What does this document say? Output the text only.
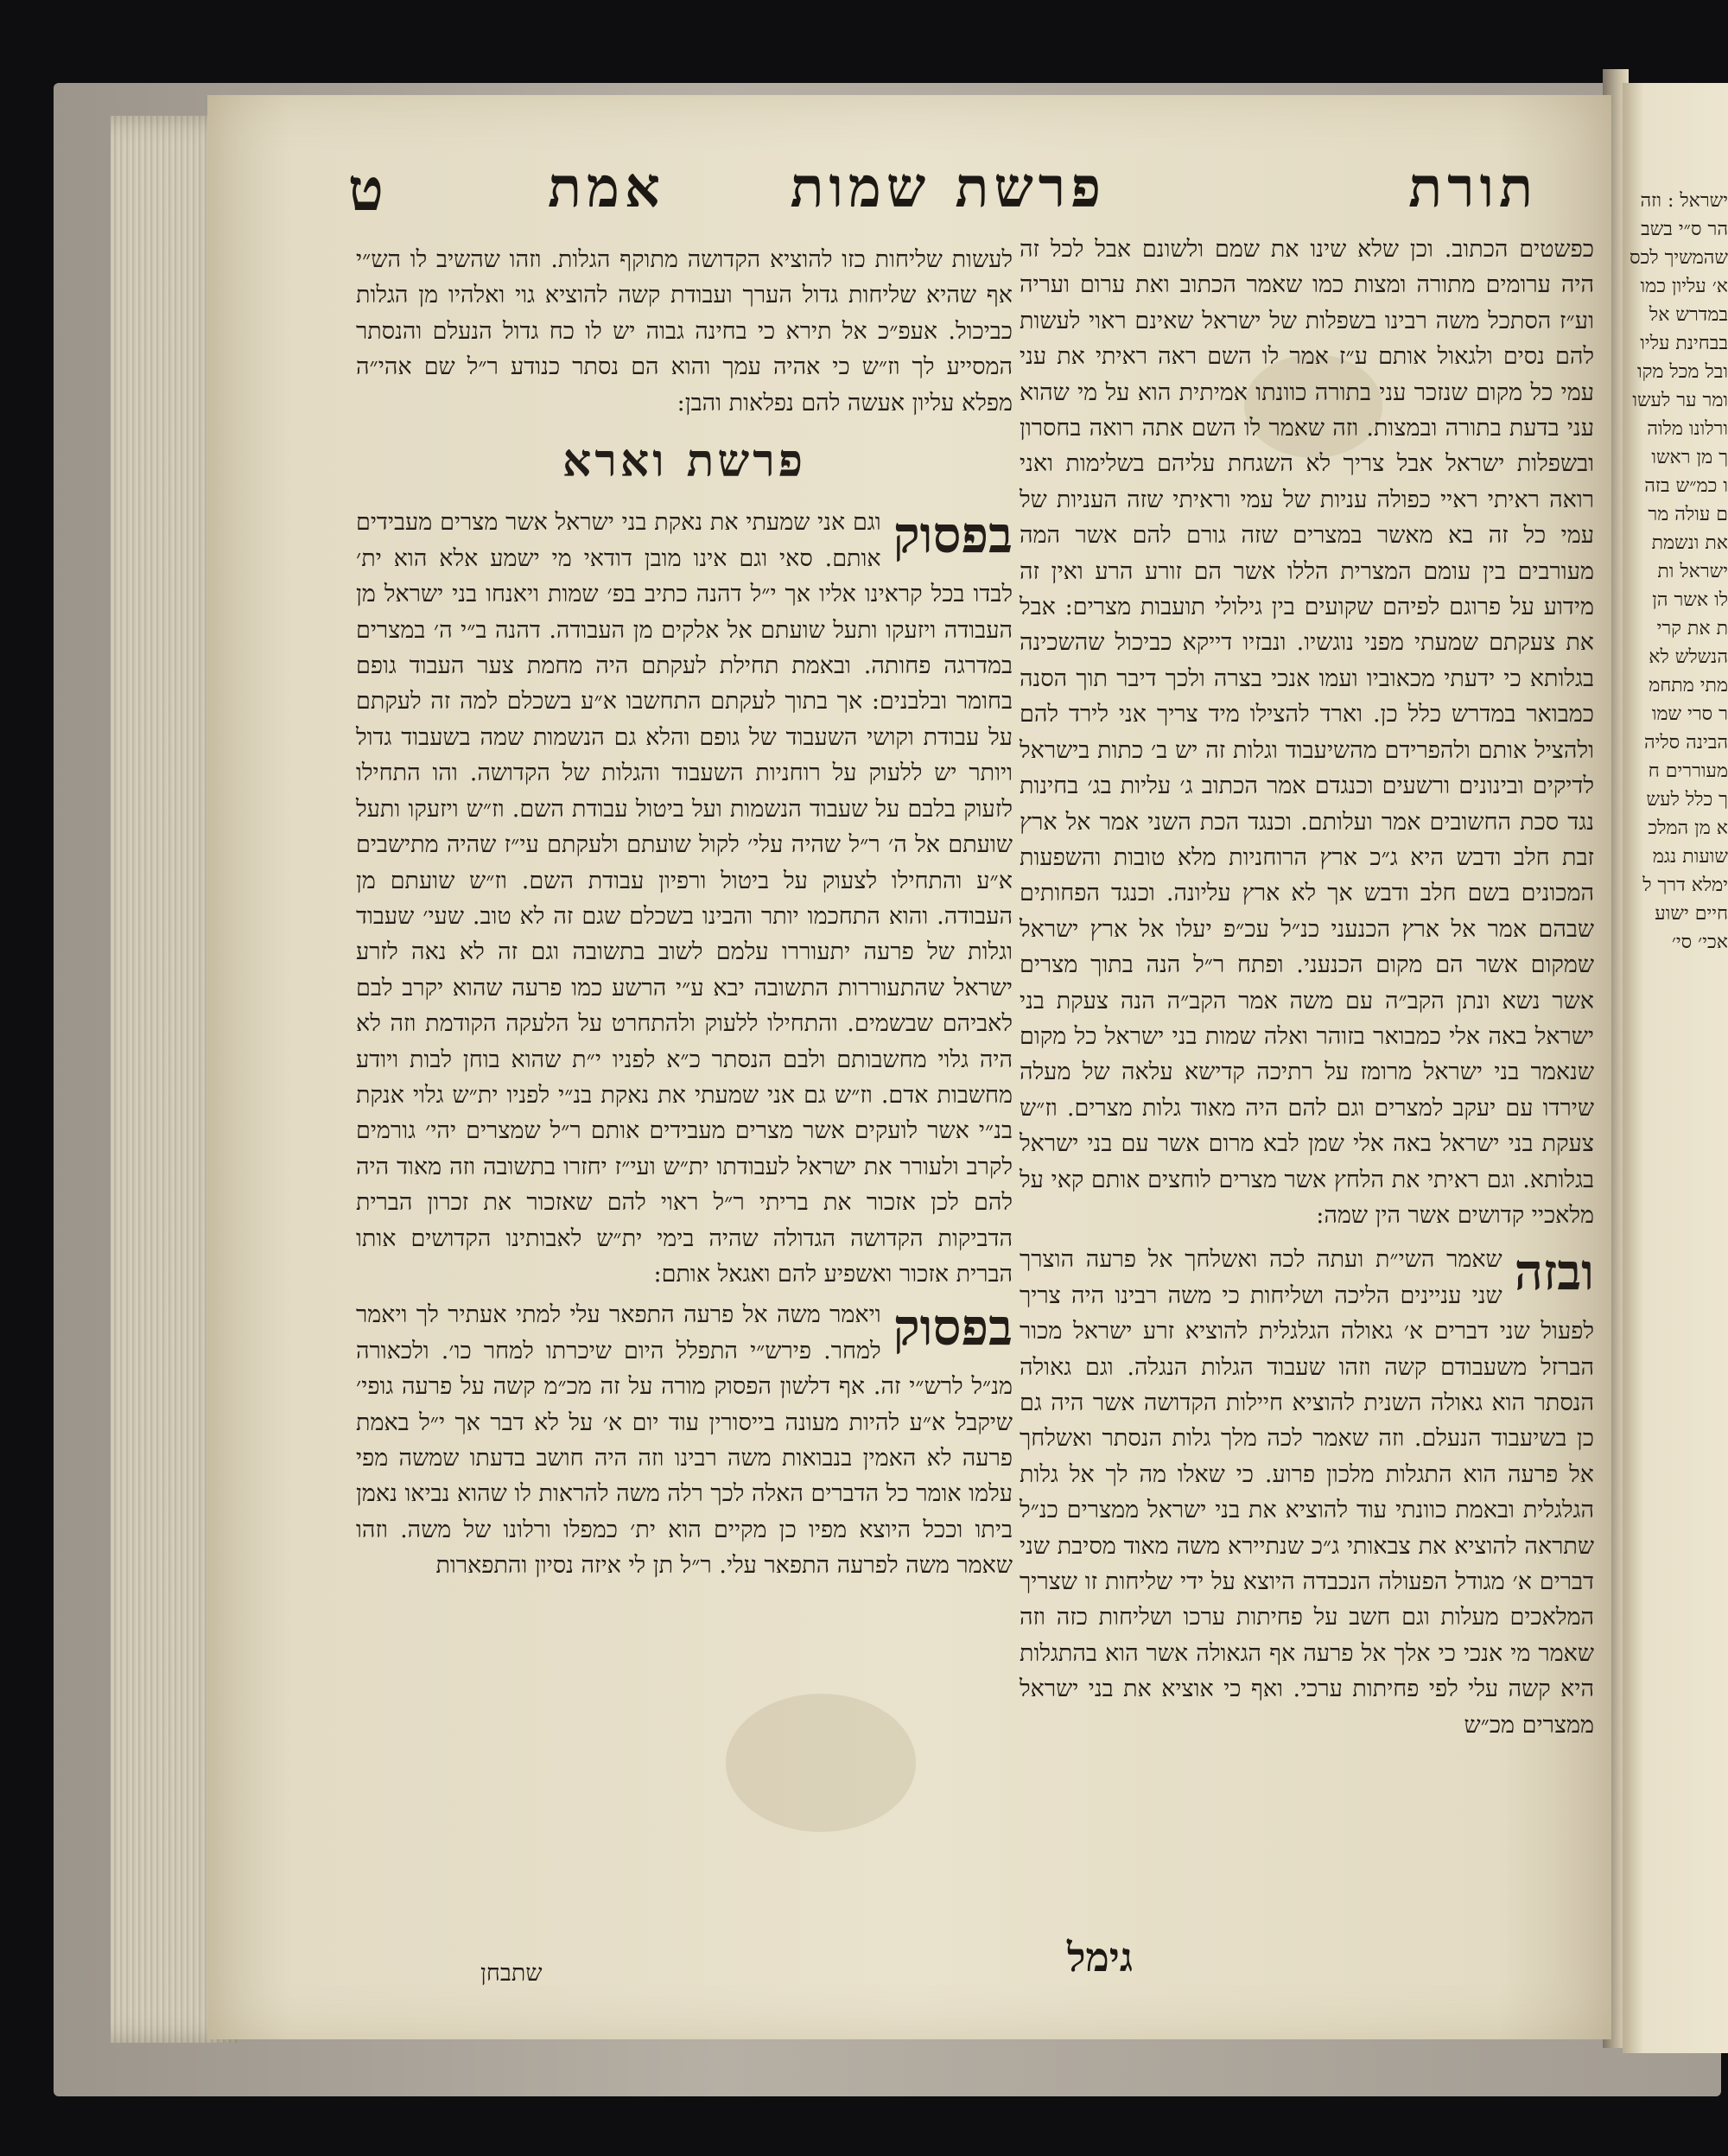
ישראל : וזה
הר ס״י בשב
שהמשיך לכס
א׳ עליון כמו
במדרש אל
בבחינת עליו
ובל מכל מקו
ומר ער לעשו
ורלונו מלוה
ך מן ראשו
ו כמ״ש בזה
ם עולה מר
את ונשמת
ישראל ות
לו אשר הן
ת את קרי
הנשלש לא
מתי מתחמ
ר סרי שמו
הבינה סליה
מעוררים ח
ך כלל לעש
א מן המלכ
שועות נגמ
ימלא דרך ל
חיים ישוע
אכי׳ סי׳
תורת
פרשת שמות
אמת
ט

כפשטים הכתוב. וכן שלא שינו את שמם ולשונם אבל לכל זה היה ערומים מתורה ומצות כמו שאמר הכתוב ואת ערום ועריה וע״ז הסתכל משה רבינו בשפלות של ישראל שאינם ראוי לעשות להם נסים ולגאול אותם ע״ז אמר לו השם ראה ראיתי את עני עמי כל מקום שנזכר עני בתורה כוונתו אמיתית הוא על מי שהוא עני בדעת בתורה ובמצות. וזה שאמר לו השם אתה רואה בחסרון ובשפלות ישראל אבל צריך לא השגחת עליהם בשלימות ואני רואה ראיתי ראיי כפולה עניות של עמי וראיתי שזה העניות של עמי כל זה בא מאשר במצרים שזה גורם להם אשר המה מעורבים בין עומם המצרית הללו אשר הם זורע הרע ואין זה מידוע על פרוגם לפיהם שקועים בין גילולי תועבות מצרים: אבל את צעקתם שמעתי מפני נוגשיו. ונבזיו דייקא כביכול שהשכינה בגלותא כי ידעתי מכאוביו ועמו אנכי בצרה ולכך דיבר תוך הסנה כמבואר במדרש כלל כן. וארד להצילו מיד צריך אני לירד להם ולהציל אותם ולהפרידם מהשיעבוד וגלות זה יש ב׳ כתות בישראל לדיקים ובינונים ורשעים וכנגדם אמר הכתוב ג׳ עליות בג׳ בחינות נגד סכת החשובים אמר ועלותם. וכנגד הכת השני אמר אל ארץ זבת חלב ודבש היא ג״כ ארץ הרוחניות מלא טובות והשפעות המכונים בשם חלב ודבש אך לא ארץ עליונה. וכנגד הפחותים שבהם אמר אל ארץ הכנעני כנ״ל עכ״פ יעלו אל ארץ ישראל שמקום אשר הם מקום הכנעני. ופתח ר״ל הנה בתוך מצרים אשר נשא ונתן הקב״ה עם משה אמר הקב״ה הנה צעקת בני ישראל באה אלי כמבואר בזוהר ואלה שמות בני ישראל כל מקום שנאמר בני ישראל מרומז על רתיכה קדישא עלאה של מעלה שירדו עם יעקב למצרים וגם להם היה מאוד גלות מצרים. וז״ש צעקת בני ישראל באה אלי שמן לבא מרום אשר עם בני ישראל בגלותא. וגם ראיתי את הלחץ אשר מצרים לוחצים אותם קאי על מלאכיי קדושים אשר הין שמה:

ובזה
שאמר השי״ת ועתה לכה ואשלחך אל פרעה הוצרך שני עניינים הליכה ושליחות כי משה רבינו היה צריך לפעול שני דברים א׳ גאולה הגלגלית להוציא זרע ישראל מכור הברזל משעבודם קשה וזהו שעבוד הגלות הנגלה. וגם גאולה הנסתר הוא גאולה השנית להוציא חיילות הקדושה אשר היה גם כן בשיעבוד הנעלם. וזה שאמר לכה מלך גלות הנסתר ואשלחך אל פרעה הוא התגלות מלכון פרוע. כי שאלו מה לך אל גלות הגלגלית ובאמת כוונתי עוד להוציא את בני ישראל ממצרים כנ״ל שתראה להוציא את צבאותי ג״כ שנתיירא משה מאוד מסיבת שני דברים א׳ מגודל הפעולה הנכבדה היוצא על ידי שליחות זו שצריך המלאכים מעלות וגם חשב על פחיתות ערכו ושליחות כזה וזה שאמר מי אנכי כי אלך אל פרעה אף הגאולה אשר הוא בהתגלות היא קשה עלי לפי פחיתות ערכי. ואף כי אוציא את בני ישראל ממצרים מכ״ש

גימל

לעשות שליחות כזו להוציא הקדושה מתוקף הגלות. וזהו שהשיב לו הש״י אף שהיא שליחות גדול הערך ועבודת קשה להוציא גוי ואלהיו מן הגלות כביכול. אעפ״כ אל תירא כי בחינה גבוה יש לו כח גדול הנעלם והנסתר המסייע לך וז״ש כי אהיה עמך והוא הם נסתר כנודע ר״ל שם אהי״ה מפלא עליון אעשה להם נפלאות והבן:

פרשת וארא

בפסוק
וגם אני שמעתי את נאקת בני ישראל אשר מצרים מעבידים אותם. סאי וגם אינו מובן דודאי מי ישמע אלא הוא ית׳ לבדו בכל קראינו אליו אך י״ל דהנה כתיב בפ׳ שמות ויאנחו בני ישראל מן העבודה ויזעקו ותעל שועתם אל אלקים מן העבודה. דהנה ב״י ה׳ במצרים במדרגה פחותה. ובאמת תחילת לעקתם היה מחמת צער העבוד גופם בחומר ובלבנים: אך בתוך לעקתם התחשבו א״ע בשכלם למה זה לעקתם על עבודת וקושי השעבוד של גופם והלא גם הנשמות שמה בשעבוד גדול ויותר יש ללעוק על רוחניות השעבוד והגלות של הקדושה. והו התחילו לזעוק בלבם על שעבוד הנשמות ועל ביטול עבודת השם. וז״ש ויזעקו ותעל שועתם אל ה׳ ר״ל שהיה עלי׳ לקול שועתם ולעקתם עי״ז שהיה מתישבים א״ע והתחילו לצעוק על ביטול ורפיון עבודת השם. וז״ש שועתם מן העבודה. והוא התחכמו יותר והבינו בשכלם שגם זה לא טוב. שעי׳ שעבוד וגלות של פרעה יתעוררו עלמם לשוב בתשובה וגם זה לא נאה לזרע ישראל שהתעוררות התשובה יבא ע״י הרשע כמו פרעה שהוא יקרב לבם לאביהם שבשמים. והתחילו ללעוק ולהתחרט על הלעקה הקודמת וזה לא היה גלוי מחשבותם ולבם הנסתר כ״א לפניו י״ת שהוא בוחן לבות ויודע מחשבות אדם. וז״ש גם אני שמעתי את נאקת בנ״י לפניו ית״ש גלוי אנקת בנ״י אשר לועקים אשר מצרים מעבידים אותם ר״ל שמצרים יהי׳ גורמים לקרב ולעורר את ישראל לעבודתו ית״ש ועי״ז יחזרו בתשובה וזה מאוד היה להם לכן אזכור את בריתי ר״ל ראוי להם שאזכור את זכרון הברית הדביקות הקדושה הגדולה שהיה בימי ית״ש לאבותינו הקדושים אותו הברית אזכור ואשפיע להם ואגאל אותם:

בפסוק
ויאמר משה אל פרעה התפאר עלי למתי אעתיר לך ויאמר למחר. פירש״י התפלל היום שיכרתו למחר כו׳. ולכאורה מנ״ל לרש״י זה. אף דלשון הפסוק מורה על זה מכ״מ קשה על פרעה גופי׳ שיקבל א״ע להיות מעונה בייסורין עוד יום א׳ על לא דבר אך י״ל באמת פרעה לא האמין בנבואות משה רבינו וזה היה חושב בדעתו שמשה מפי עלמו אומר כל הדברים האלה לכך רלה משה להראות לו שהוא נביאו נאמן ביתו וככל היוצא מפיו כן מקיים הוא ית׳ כמפלו ורלונו של משה. וזהו שאמר משה לפרעה התפאר עלי. ר״ל תן לי איזה נסיון והתפארות

שתבחן
